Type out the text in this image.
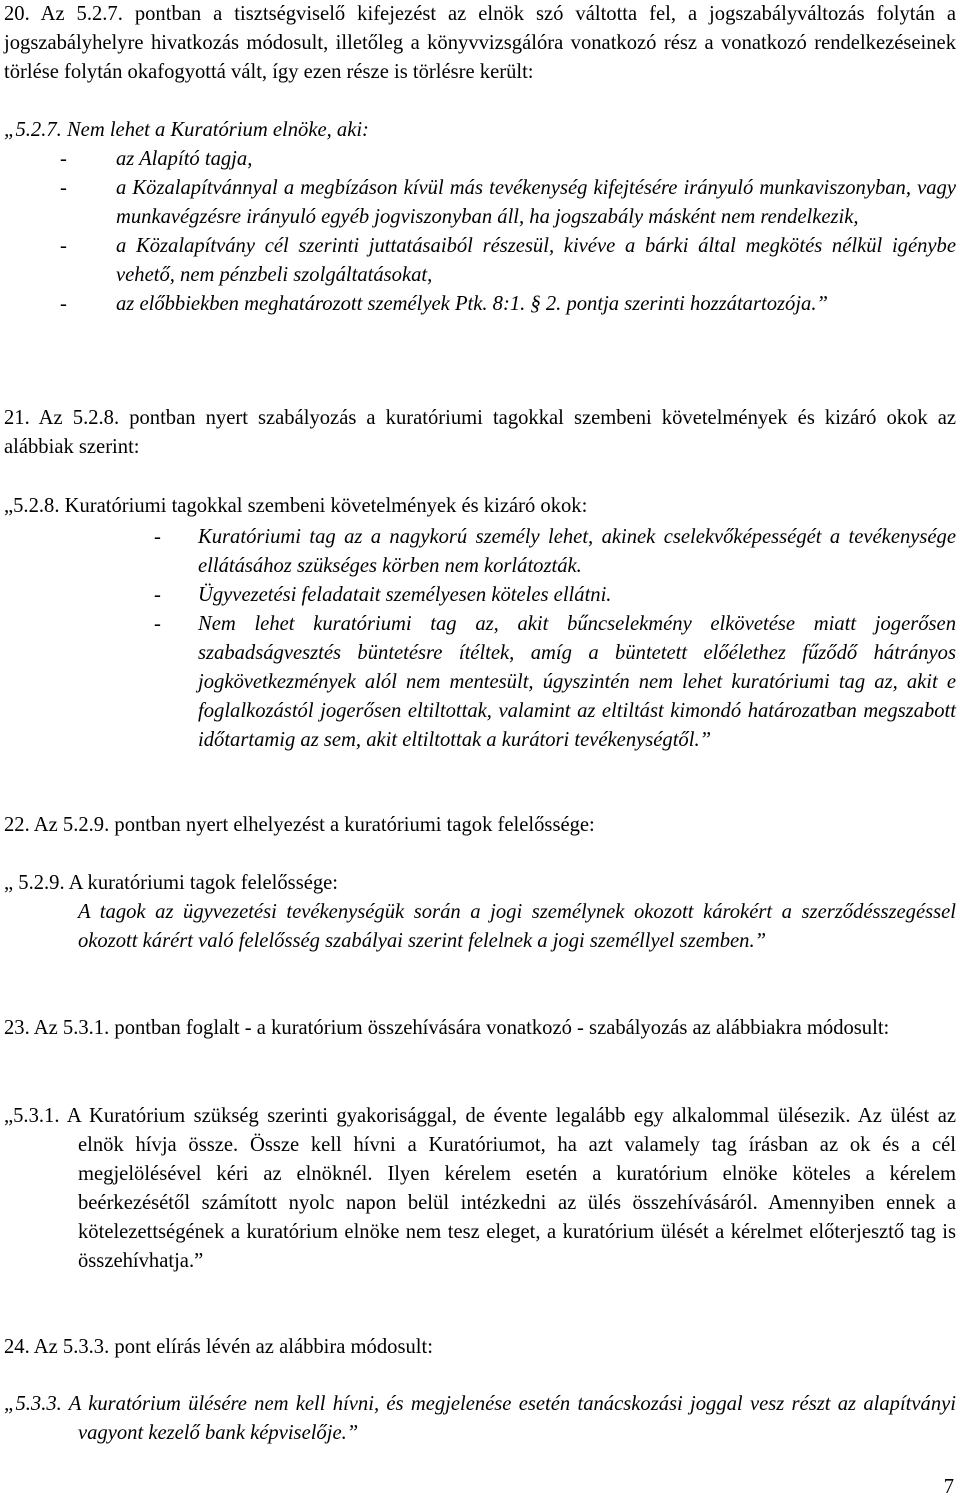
20. Az 5.2.7. pontban a tisztségviselő kifejezést az elnök szó váltotta fel, a jogszabályváltozás folytán a jogszabályhelyre hivatkozás módosult, illetőleg a könyvvizsgálóra vonatkozó rész a vonatkozó rendelkezéseinek törlése folytán okafogyottá vált, így ezen része is törlésre került:

„5.2.7. Nem lehet a Kuratórium elnöke, aki:

- az Alapító tagja,
- a Közalapítvánnyal a megbízáson kívül más tevékenység kifejtésére irányuló munkaviszonyban, vagy munkavégzésre irányuló egyéb jogviszonyban áll, ha jogszabály másként nem rendelkezik,
- a Közalapítvány cél szerinti juttatásaiból részesül, kivéve a bárki által megkötés nélkül igénybe vehető, nem pénzbeli szolgáltatásokat,
- az előbbiekben meghatározott személyek Ptk. 8:1. § 2. pontja szerinti hozzátartozója.”

21. Az 5.2.8. pontban nyert szabályozás a kuratóriumi tagokkal szembeni követelmények és kizáró okok az alábbiak szerint:

„5.2.8. Kuratóriumi tagokkal szembeni követelmények és kizáró okok:

- Kuratóriumi tag az a nagykorú személy lehet, akinek cselekvőképességét a tevékenysége ellátásához szükséges körben nem korlátozták.
- Ügyvezetési feladatait személyesen köteles ellátni.
- Nem lehet kuratóriumi tag az, akit bűncselekmény elkövetése miatt jogerősen szabadságvesztés büntetésre ítéltek, amíg a büntetett előélethez fűződő hátrányos jogkövetkezmények alól nem mentesült, úgyszintén nem lehet kuratóriumi tag az, akit e foglalkozástól jogerősen eltiltottak, valamint az eltiltást kimondó határozatban megszabott időtartamig az sem, akit eltiltottak a kurátori tevékenységtől.”

22. Az 5.2.9. pontban nyert elhelyezést a kuratóriumi tagok felelőssége:

„ 5.2.9. A kuratóriumi tagok felelőssége:

A tagok az ügyvezetési tevékenységük során a jogi személynek okozott károkért a szerződésszegéssel okozott kárért való felelősség szabályai szerint felelnek a jogi személlyel szemben.”

23. Az 5.3.1. pontban foglalt - a kuratórium összehívására vonatkozó - szabályozás az alábbiakra módosult:

„5.3.1. A Kuratórium szükség szerinti gyakorisággal, de évente legalább egy alkalommal ülésezik. Az ülést az elnök hívja össze. Össze kell hívni a Kuratóriumot, ha azt valamely tag írásban az ok és a cél megjelölésével kéri az elnöknél. Ilyen kérelem esetén a kuratórium elnöke köteles a kérelem beérkezésétől számított nyolc napon belül intézkedni az ülés összehívásáról. Amennyiben ennek a kötelezettségének a kuratórium elnöke nem tesz eleget, a kuratórium ülését a kérelmet előterjesztő tag is összehívhatja.”

24. Az 5.3.3. pont elírás lévén az alábbira módosult:

„5.3.3. A kuratórium ülésére nem kell hívni, és megjelenése esetén tanácskozási joggal vesz részt az alapítványi vagyont kezelő bank képviselője.”

7
